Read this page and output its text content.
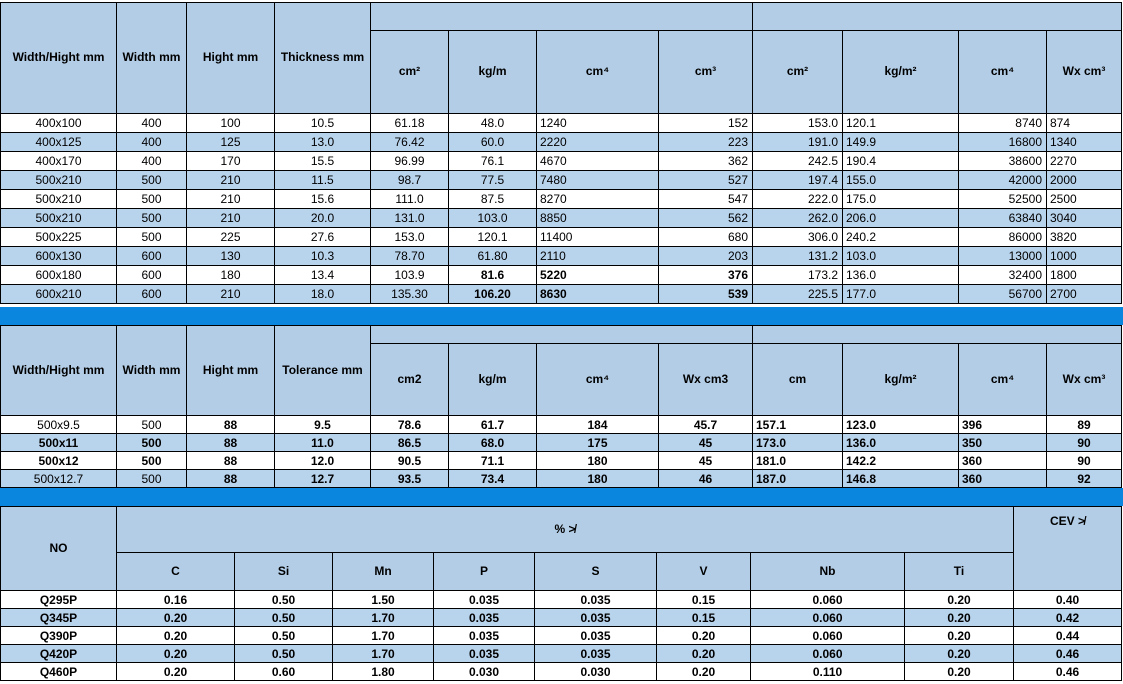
Width/Hight mm	Width mm	Hight mm	Thickness mm								
				cm²	kg/m	cm⁴	cm³	cm²	kg/m²	cm⁴	Wx cm³
400x100	400	100	10.5	61.18	48.0	1240	152	153.0	120.1	8740	874
400x125	400	125	13.0	76.42	60.0	2220	223	191.0	149.9	16800	1340
400x170	400	170	15.5	96.99	76.1	4670	362	242.5	190.4	38600	2270
500x210	500	210	11.5	98.7	77.5	7480	527	197.4	155.0	42000	2000
500x210	500	210	15.6	111.0	87.5	8270	547	222.0	175.0	52500	2500
500x210	500	210	20.0	131.0	103.0	8850	562	262.0	206.0	63840	3040
500x225	500	225	27.6	153.0	120.1	11400	680	306.0	240.2	86000	3820
600x130	600	130	10.3	78.70	61.80	2110	203	131.2	103.0	13000	1000
600x180	600	180	13.4	103.9	81.6	5220	376	173.2	136.0	32400	1800
600x210	600	210	18.0	135.30	106.20	8630	539	225.5	177.0	56700	2700
Width/Hight mm	Width mm	Hight mm	Tolerance mm								
				cm2	kg/m	cm⁴	Wx cm3	cm	kg/m²	cm⁴	Wx cm³
500x9.5	500	88	9.5	78.6	61.7	184	45.7	157.1	123.0	396	89
500x11	500	88	11.0	86.5	68.0	175	45	173.0	136.0	350	90
500x12	500	88	12.0	90.5	71.1	180	45	181.0	142.2	360	90
500x12.7	500	88	12.7	93.5	73.4	180	46	187.0	146.8	360	92
NO	% ≯								CEV ≯
	C	Si	Mn	P	S	V	Nb	Ti	
Q295P	0.16	0.50	1.50	0.035	0.035	0.15	0.060	0.20	0.40
Q345P	0.20	0.50	1.70	0.035	0.035	0.15	0.060	0.20	0.42
Q390P	0.20	0.50	1.70	0.035	0.035	0.20	0.060	0.20	0.44
Q420P	0.20	0.50	1.70	0.035	0.035	0.20	0.060	0.20	0.46
Q460P	0.20	0.60	1.80	0.030	0.030	0.20	0.110	0.20	0.46
